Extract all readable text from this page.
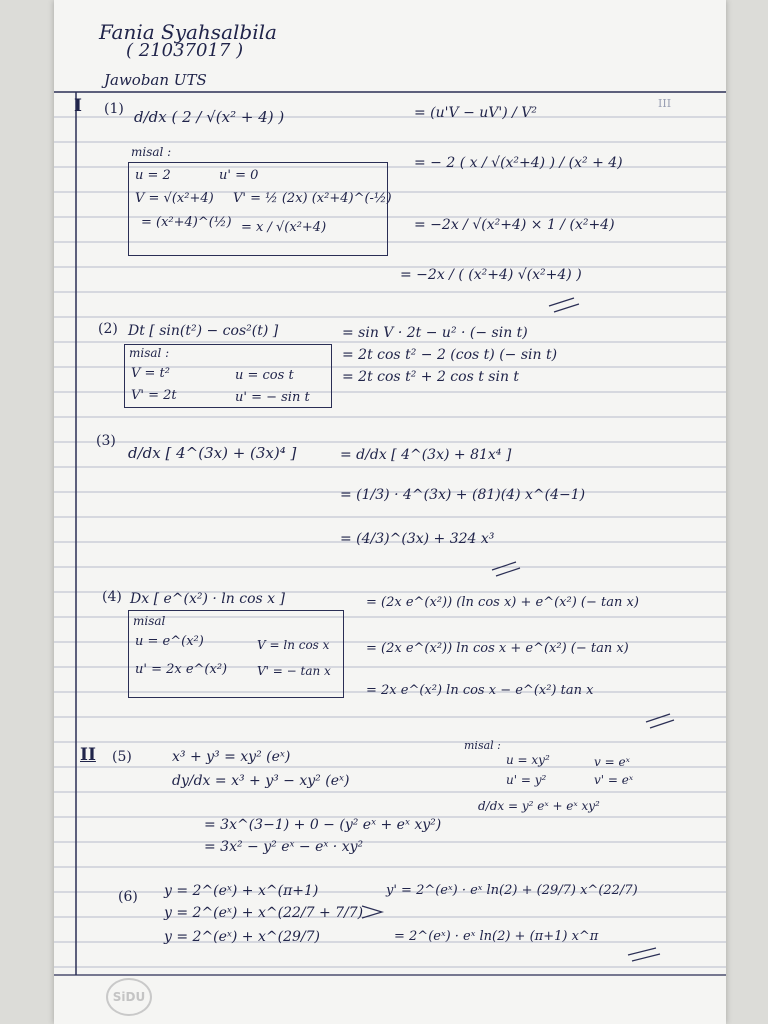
Fania Syahsalbila
( 21037017 )
Jawoban UTS
III
I
II
(1) d/dx ( 2 / √(x² + 4) )
misal :
u = 2	u' = 0
V = √(x²+4) V' = ½ (2x) (x²+4)^(-½)
= (x²+4)^(½) = x / √(x²+4)
= (u'V − uV') / V²
= − 2 ( x / √(x²+4) ) / (x² + 4)
= −2x / √(x²+4) × 1 / (x²+4)
= −2x / ( (x²+4) √(x²+4) )
(2) Dt [ sin(t²) − cos²(t) ]
misal :
V = t²	u = cos t
V' = 2t	u' = − sin t
= sin V · 2t − u² · (− sin t)
= 2t cos t² − 2 (cos t) (− sin t)
= 2t cos t² + 2 cos t sin t
(3)
d/dx [ 4^(3x) + (3x)⁴ ]	= d/dx [ 4^(3x) + 81x⁴ ]
= (1/3) · 4^(3x) + (81)(4) x^(4−1)
= (4/3)^(3x) + 324 x³
(4) Dx [ e^(x²) · ln cos x ]
misal
u = e^(x²)	V = ln cos x
u' = 2x e^(x²) V' = − tan x
= (2x e^(x²)) (ln cos x) + e^(x²) (− tan x)
= (2x e^(x²)) ln cos x + e^(x²) (− tan x)
= 2x e^(x²) ln cos x − e^(x²) tan x
(5)	x³ + y³ = xy² (eˣ)
dy/dx = x³ + y³ − xy² (eˣ)
= 3x^(3−1) + 0 − (y² eˣ + eˣ xy²)
= 3x² − y² eˣ − eˣ · xy²
misal :
u = xy²	v = eˣ
u' = y²	v' = eˣ
d/dx = y² eˣ + eˣ xy²
(6) y = 2^(eˣ) + x^(π+1)
y = 2^(eˣ) + x^(22/7 + 7/7)
y = 2^(eˣ) + x^(29/7)
y' = 2^(eˣ) · eˣ ln(2) + (29/7) x^(22/7)
= 2^(eˣ) · eˣ ln(2) + (π+1) x^π
SiDU
